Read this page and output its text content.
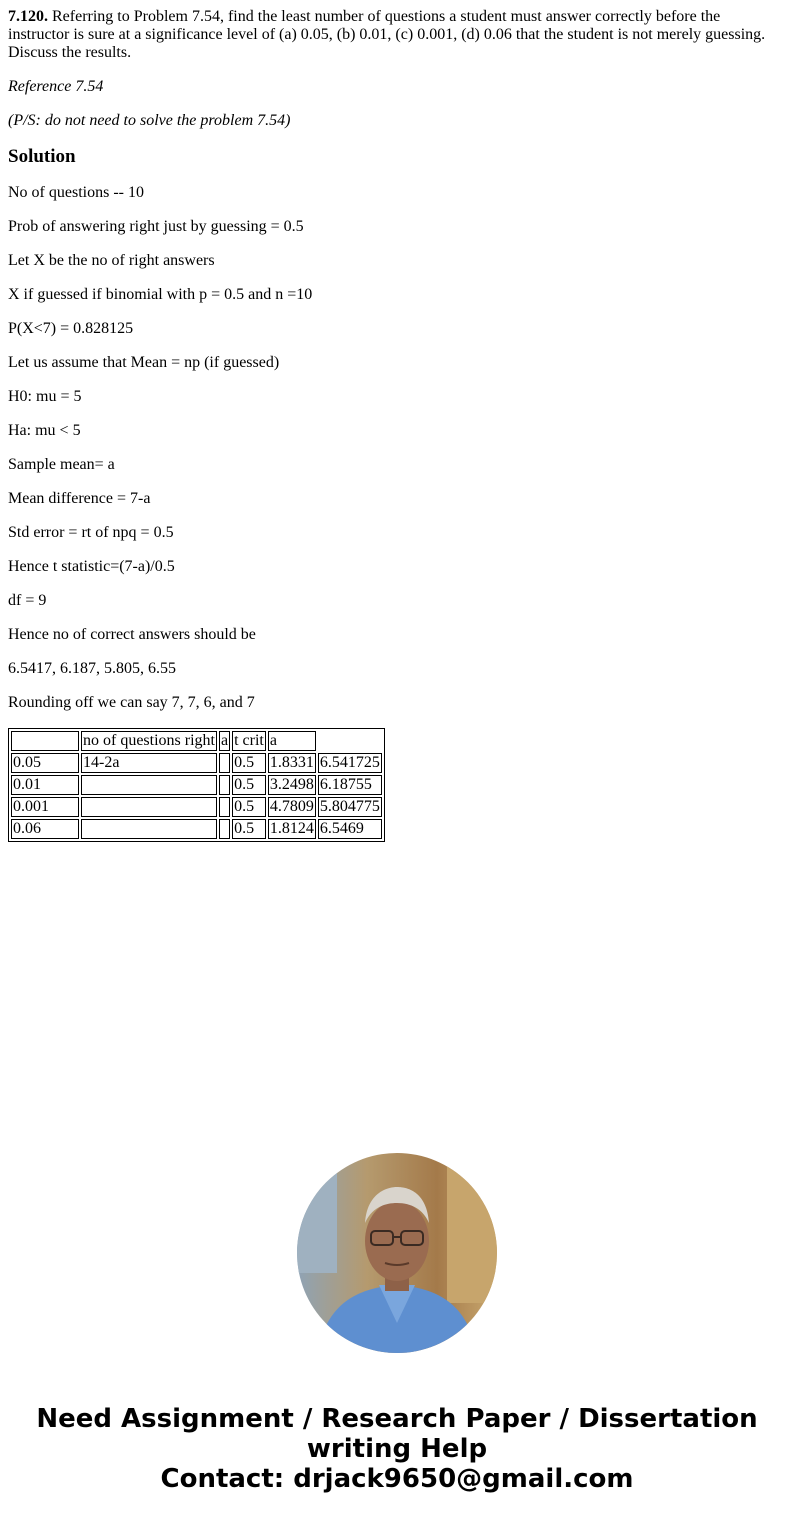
7.120. Referring to Problem 7.54, find the least number of questions a student must answer correctly before the instructor is sure at a significance level of (a) 0.05, (b) 0.01, (c) 0.001, (d) 0.06 that the student is not merely guessing. Discuss the results.

Reference 7.54

(P/S: do not need to solve the problem 7.54)

Solution

No of questions -- 10

Prob of answering right just by guessing = 0.5

Let X be the no of right answers

X if guessed if binomial with p = 0.5 and n =10

P(X<7) = 0.828125

Let us assume that Mean = np (if guessed)

H0: mu = 5

Ha: mu < 5

Sample mean= a

Mean difference = 7-a

Std error = rt of npq = 0.5

Hence t statistic=(7-a)/0.5

df = 9

Hence no of correct answers should be

6.5417, 6.187, 5.805, 6.55

Rounding off we can say 7, 7, 6, and 7

	no of questions right	a	t crit	a	
0.05	14-2a		0.5	1.8331	6.541725
0.01			0.5	3.2498	6.18755
0.001			0.5	4.7809	5.804775
0.06			0.5	1.8124	6.5469
Need Assignment / Research Paper / Dissertation
writing Help
Contact: drjack9650@gmail.com
